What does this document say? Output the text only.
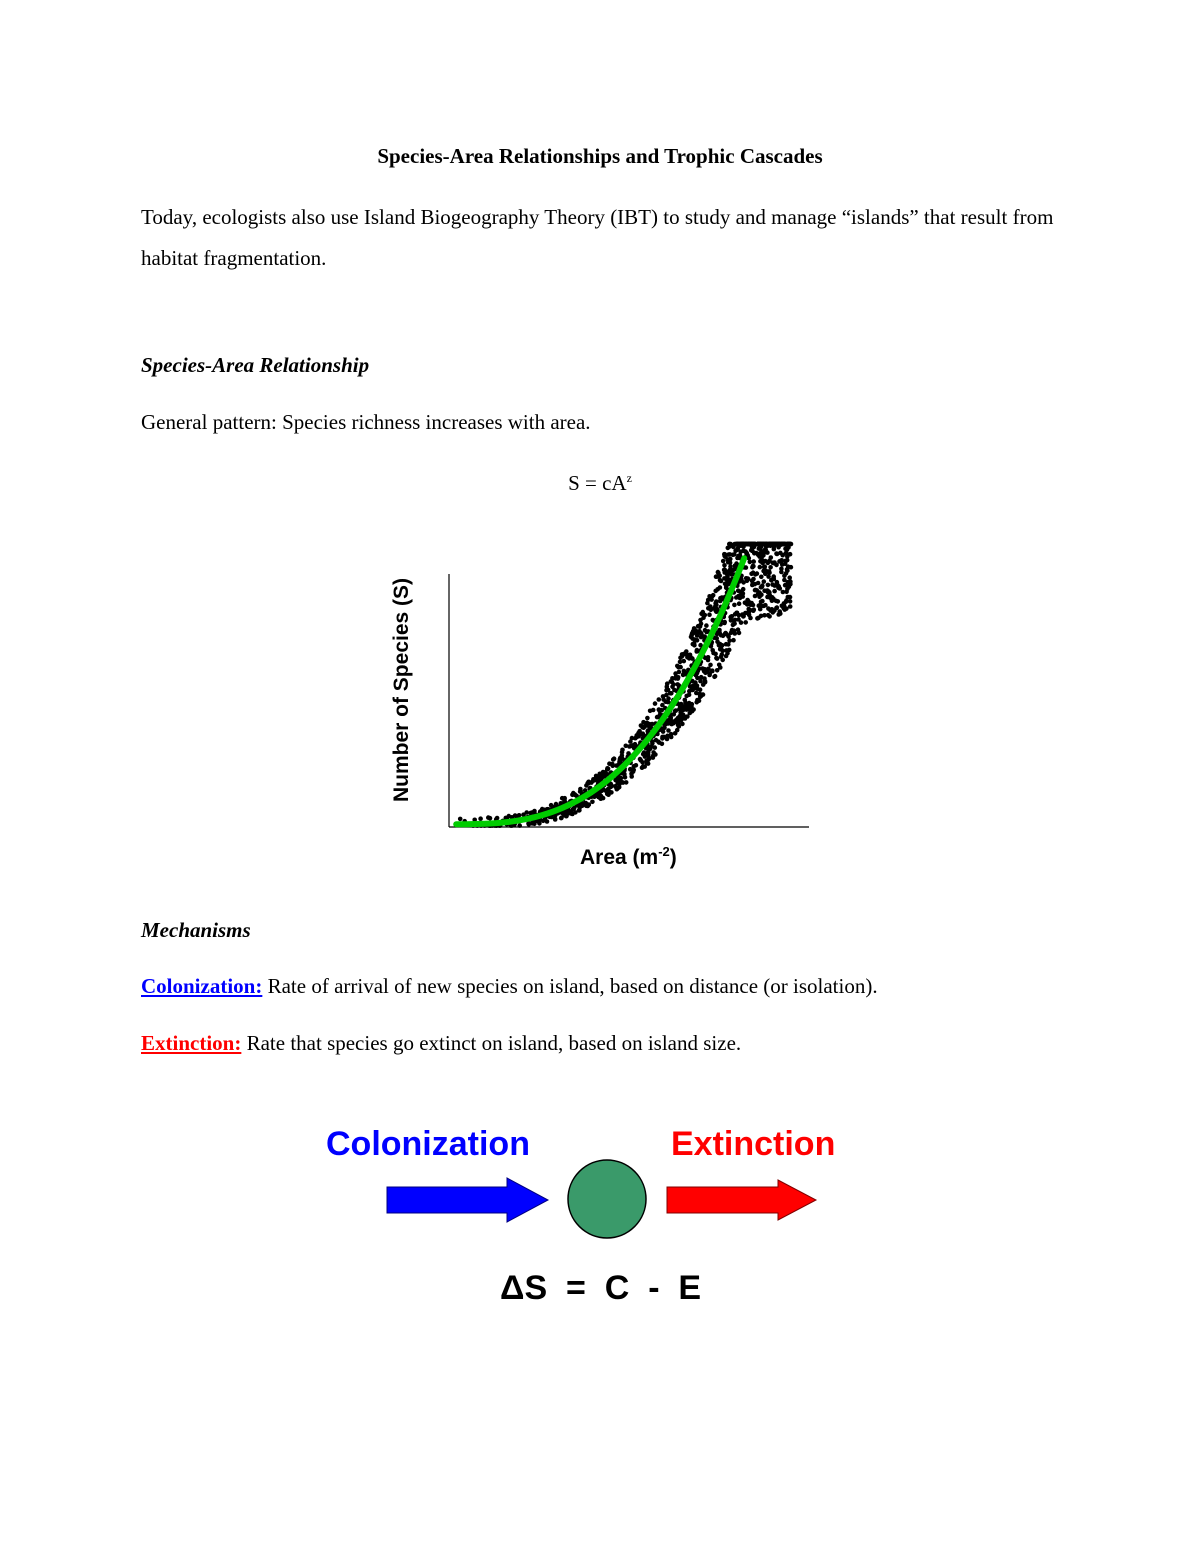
Species-Area Relationships and Trophic Cascades
Today, ecologists also use Island Biogeography Theory (IBT) to study and manage “islands” that result from habitat fragmentation.
Species-Area Relationship
General pattern: Species richness increases with area.
$S = cA^z$
Number of Species (S)
Area $(m^{-2})$
Mechanisms
Colonization: Rate of arrival of new species on island, based on distance (or isolation).
Extinction: Rate that species go extinct on island, based on island size.
Colonization	Extinction
ΔS  =  C  -  E
